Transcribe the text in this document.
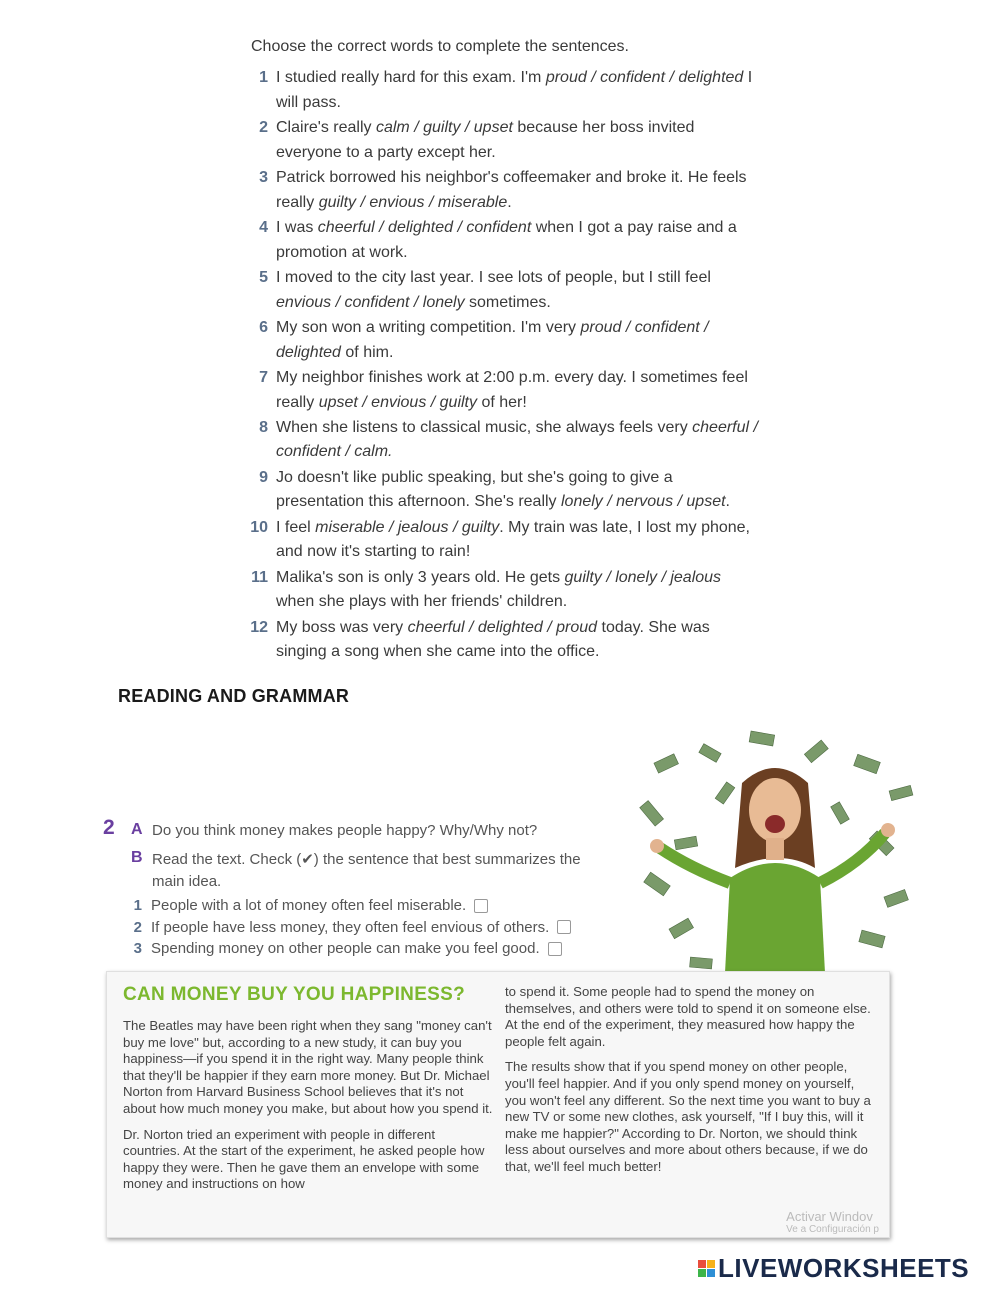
Choose the correct words to complete the sentences.
1 I studied really hard for this exam. I'm proud / confident / delighted I will pass.
2 Claire's really calm / guilty / upset because her boss invited everyone to a party except her.
3 Patrick borrowed his neighbor's coffeemaker and broke it. He feels really guilty / envious / miserable.
4 I was cheerful / delighted / confident when I got a pay raise and a promotion at work.
5 I moved to the city last year. I see lots of people, but I still feel envious / confident / lonely sometimes.
6 My son won a writing competition. I'm very proud / confident / delighted of him.
7 My neighbor finishes work at 2:00 p.m. every day. I sometimes feel really upset / envious / guilty of her!
8 When she listens to classical music, she always feels very cheerful / confident / calm.
9 Jo doesn't like public speaking, but she's going to give a presentation this afternoon. She's really lonely / nervous / upset.
10 I feel miserable / jealous / guilty. My train was late, I lost my phone, and now it's starting to rain!
11 Malika's son is only 3 years old. He gets guilty / lonely / jealous when she plays with her friends' children.
12 My boss was very cheerful / delighted / proud today. She was singing a song when she came into the office.
READING AND GRAMMAR
2 A Do you think money makes people happy? Why/Why not?
B Read the text. Check (✔) the sentence that best summarizes the main idea.
1 People with a lot of money often feel miserable.
2 If people have less money, they often feel envious of others.
3 Spending money on other people can make you feel good.
CAN MONEY BUY YOU HAPPINESS?

The Beatles may have been right when they sang "money can't buy me love" but, according to a new study, it can buy you happiness—if you spend it in the right way. Many people think that they'll be happier if they earn more money. But Dr. Michael Norton from Harvard Business School believes that it's not about how much money you make, but about how you spend it.

Dr. Norton tried an experiment with people in different countries. At the start of the experiment, he asked people how happy they were. Then he gave them an envelope with some money and instructions on how

to spend it. Some people had to spend the money on themselves, and others were told to spend it on someone else. At the end of the experiment, they measured how happy the people felt again.

The results show that if you spend money on other people, you'll feel happier. And if you only spend money on yourself, you won't feel any different. So the next time you want to buy a new TV or some new clothes, ask yourself, "If I buy this, will it make me happier?" According to Dr. Norton, we should think less about ourselves and more about others because, if we do that, we'll feel much better!

Activar Windov
Ve a Configuración p
LIVEWORKSHEETS
